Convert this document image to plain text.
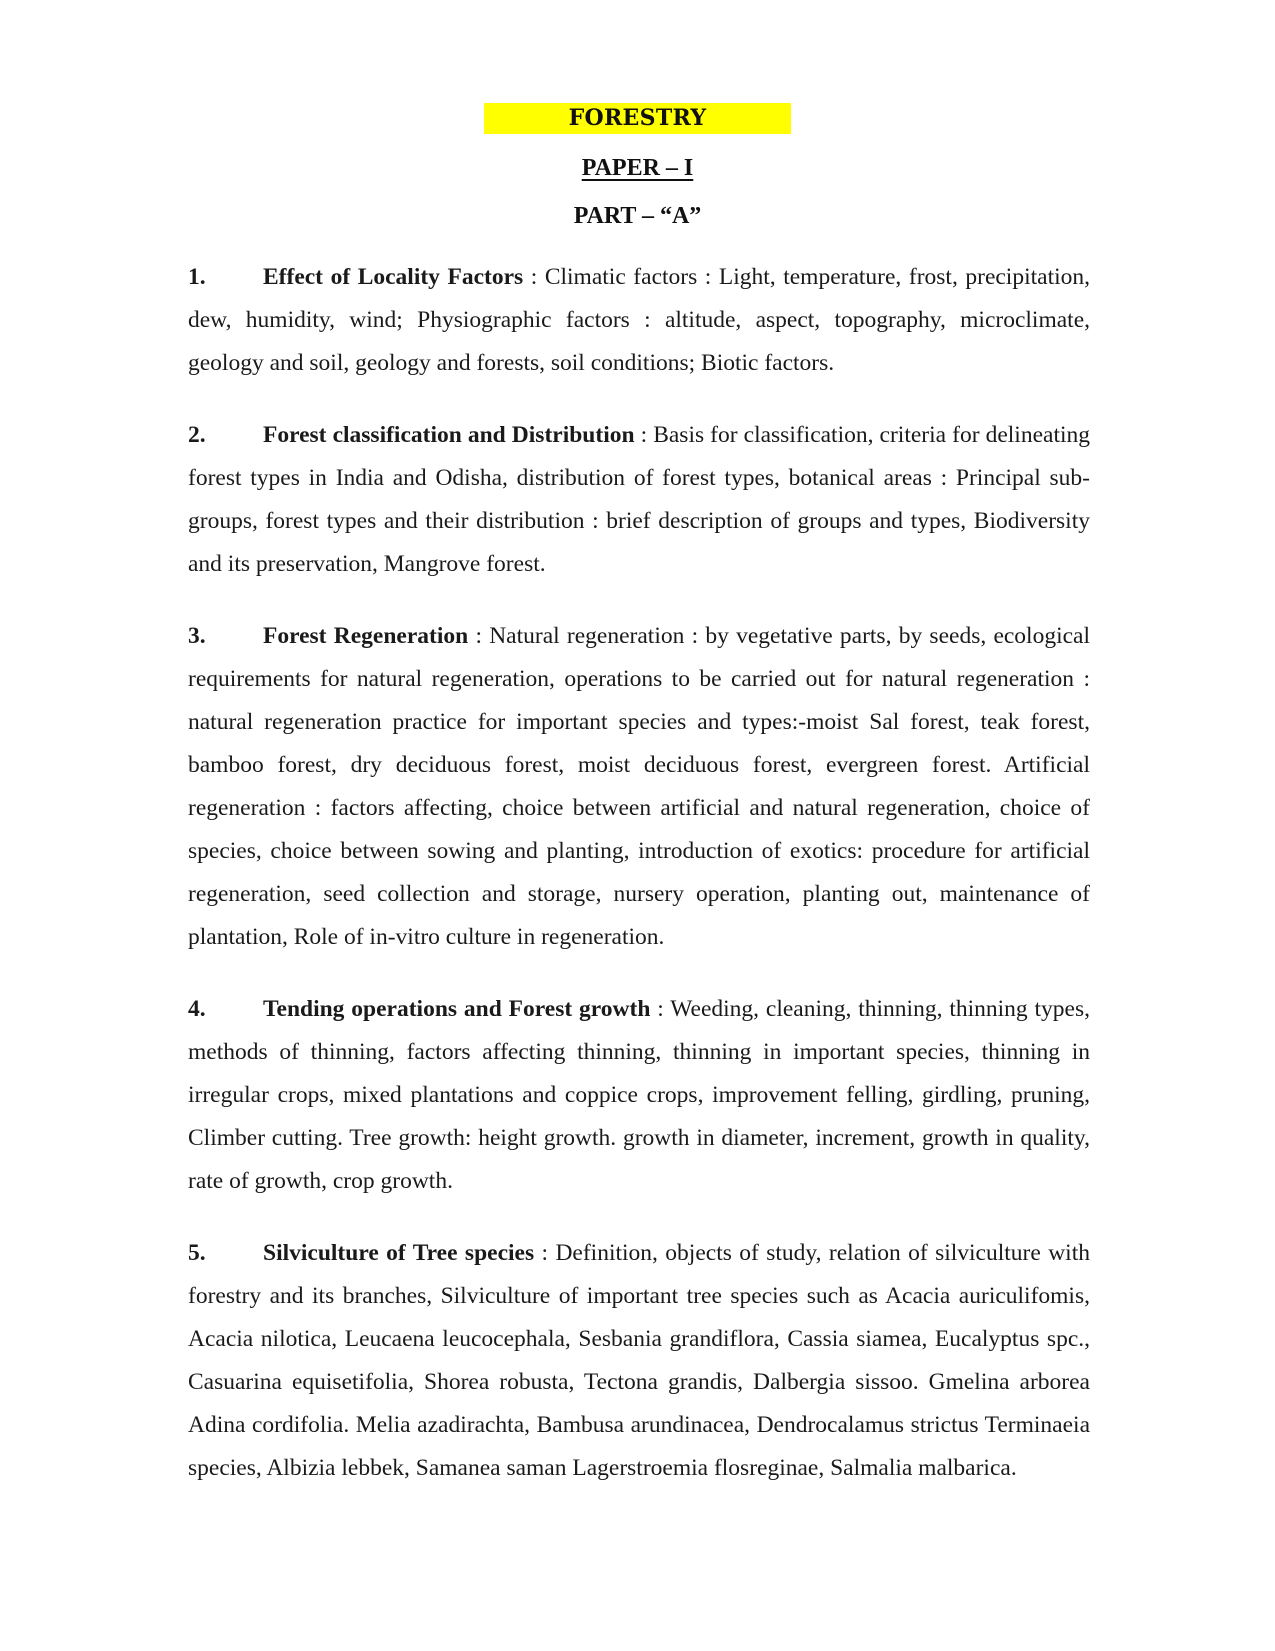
FORESTRY
PAPER – I
PART – “A”

1. Effect of Locality Factors : Climatic factors : Light, temperature, frost, precipitation, dew, humidity, wind; Physiographic factors : altitude, aspect, topography, microclimate, geology and soil, geology and forests, soil conditions; Biotic factors.

2. Forest classification and Distribution : Basis for classification, criteria for delineating forest types in India and Odisha, distribution of forest types, botanical areas : Principal sub-groups, forest types and their distribution : brief description of groups and types, Biodiversity and its preservation, Mangrove forest.

3. Forest Regeneration : Natural regeneration : by vegetative parts, by seeds, ecological requirements for natural regeneration, operations to be carried out for natural regeneration : natural regeneration practice for important species and types:-moist Sal forest, teak forest, bamboo forest, dry deciduous forest, moist deciduous forest, evergreen forest. Artificial regeneration : factors affecting, choice between artificial and natural regeneration, choice of species, choice between sowing and planting, introduction of exotics: procedure for artificial regeneration, seed collection and storage, nursery operation, planting out, maintenance of plantation, Role of in-vitro culture in regeneration.

4. Tending operations and Forest growth : Weeding, cleaning, thinning, thinning types, methods of thinning, factors affecting thinning, thinning in important species, thinning in irregular crops, mixed plantations and coppice crops, improvement felling, girdling, pruning, Climber cutting. Tree growth: height growth. growth in diameter, increment, growth in quality, rate of growth, crop growth.

5. Silviculture of Tree species : Definition, objects of study, relation of silviculture with forestry and its branches, Silviculture of important tree species such as Acacia auriculifomis, Acacia nilotica, Leucaena leucocephala, Sesbania grandiflora, Cassia siamea, Eucalyptus spc., Casuarina equisetifolia, Shorea robusta, Tectona grandis, Dalbergia sissoo. Gmelina arborea Adina cordifolia. Melia azadirachta, Bambusa arundinacea, Dendrocalamus strictus Terminaeia species, Albizia lebbek, Samanea saman Lagerstroemia flosreginae, Salmalia malbarica.
